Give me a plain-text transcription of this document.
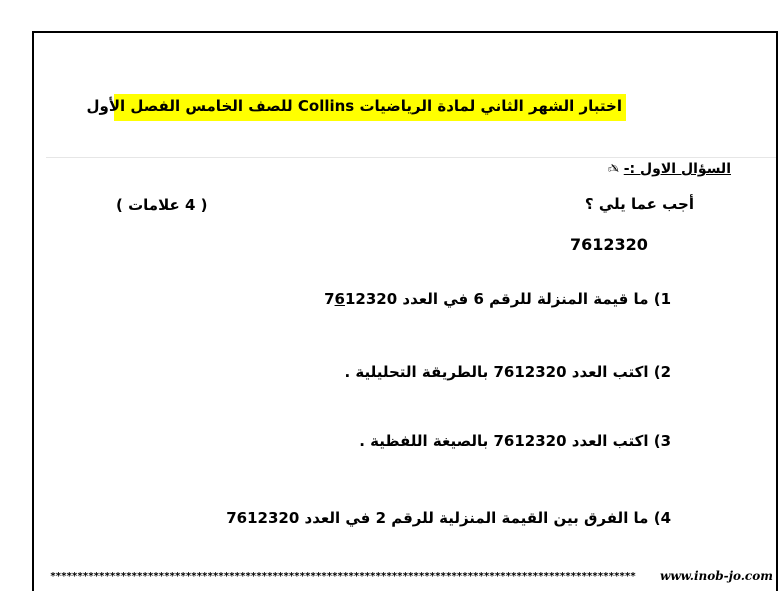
اختبار الشهر الثاني لمادة الرياضيات Collins للصف الخامس الفصل الأول
السؤال الاول :- ✍
أجب عما يلي ؟
( 4 علامات )
7612320
1) ما قيمة المنزلة للرقم 6 في العدد 7612320
2) اكتب العدد 7612320 بالطريقة التحليلية .
3) اكتب العدد 7612320 بالصيغة اللفظية .
4) ما الفرق بين القيمة المنزلية للرقم 2 في العدد 7612320
************************************************************************************************************	www.inob-jo.com
